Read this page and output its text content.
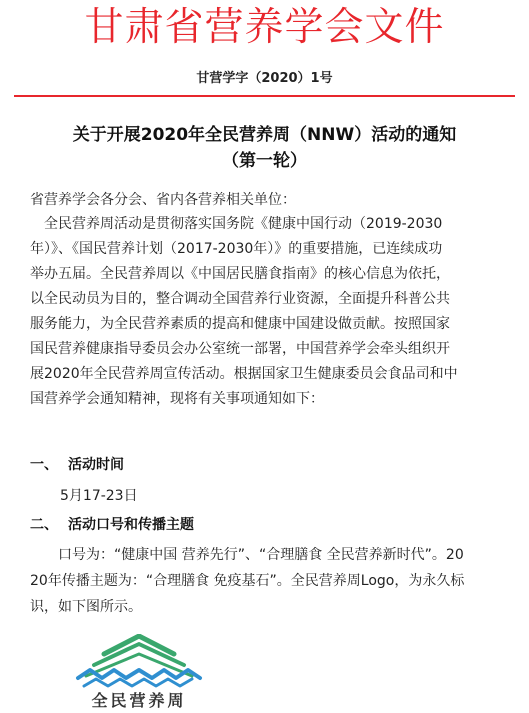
甘肃省营养学会文件
甘营学字（2020）1号
关于开展2020年全民营养周（NNW）活动的通知
（第一轮）
省营养学会各分会、省内各营养相关单位：
全民营养周活动是贯彻落实国务院《健康中国行动（2019-2030
年）》、《国民营养计划（2017-2030年）》的重要措施，已连续成功
举办五届。全民营养周以《中国居民膳食指南》的核心信息为依托，
以全民动员为目的，整合调动全国营养行业资源，全面提升科普公共
服务能力，为全民营养素质的提高和健康中国建设做贡献。按照国家
国民营养健康指导委员会办公室统一部署，中国营养学会牵头组织开
展2020年全民营养周宣传活动。根据国家卫生健康委员会食品司和中
国营养学会通知精神，现将有关事项通知如下：
一、 活动时间
5月17-23日
二、 活动口号和传播主题
口号为：“健康中国 营养先行”、“合理膳食 全民营养新时代”。20
20年传播主题为：“合理膳食 免疫基石”。全民营养周Logo，为永久标
识，如下图所示。
全民营养周
